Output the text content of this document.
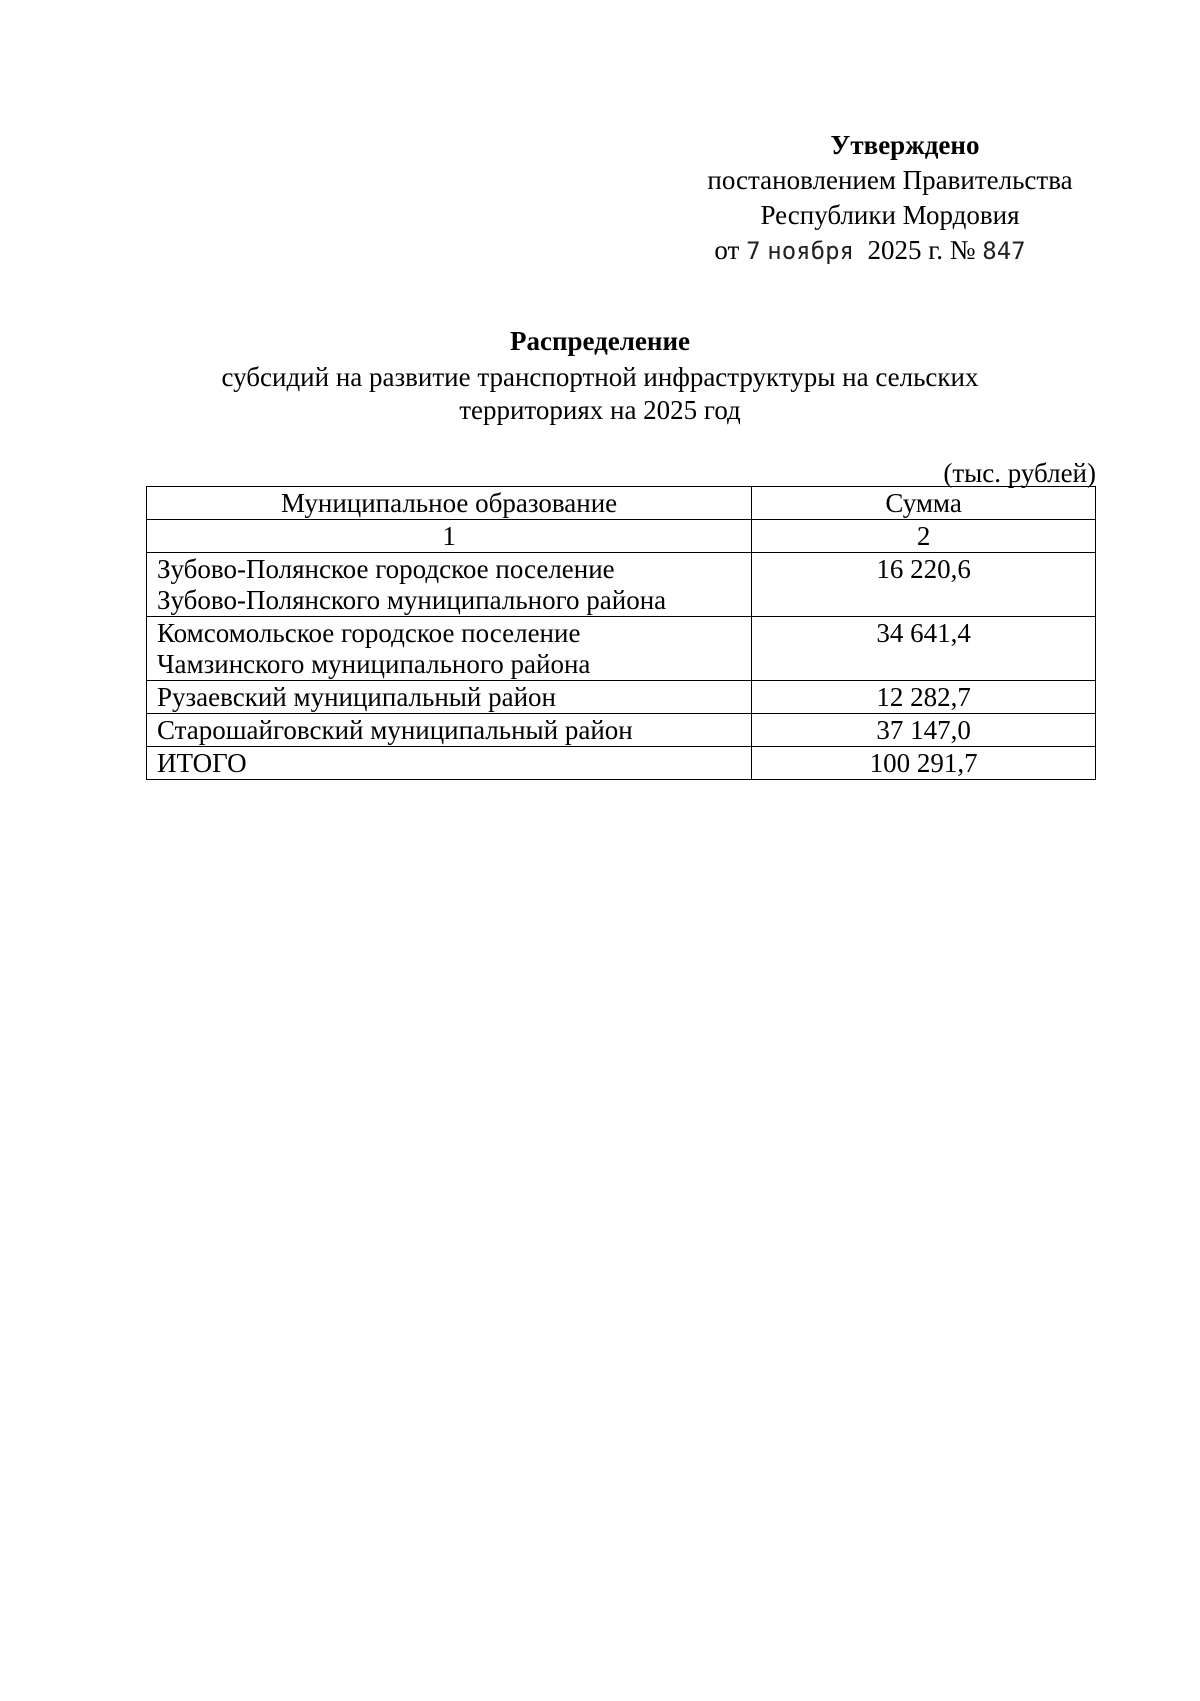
Утверждено
постановлением Правительства
Республики Мордовия
от 7 ноября 2025 г. № 847
Распределение
субсидий на развитие транспортной инфраструктуры на сельских
территориях на 2025 год
(тыс. рублей)
Муниципальное образование	Сумма
1	2

Зубово-Полянское городское поселение
Зубово-Полянского муниципального района	16 220,6

Комсомольское городское поселение
Чамзинского муниципального района	34 641,4
Рузаевский муниципальный район	12 282,7
Старошайговский муниципальный район	37 147,0
ИТОГО	100 291,7
